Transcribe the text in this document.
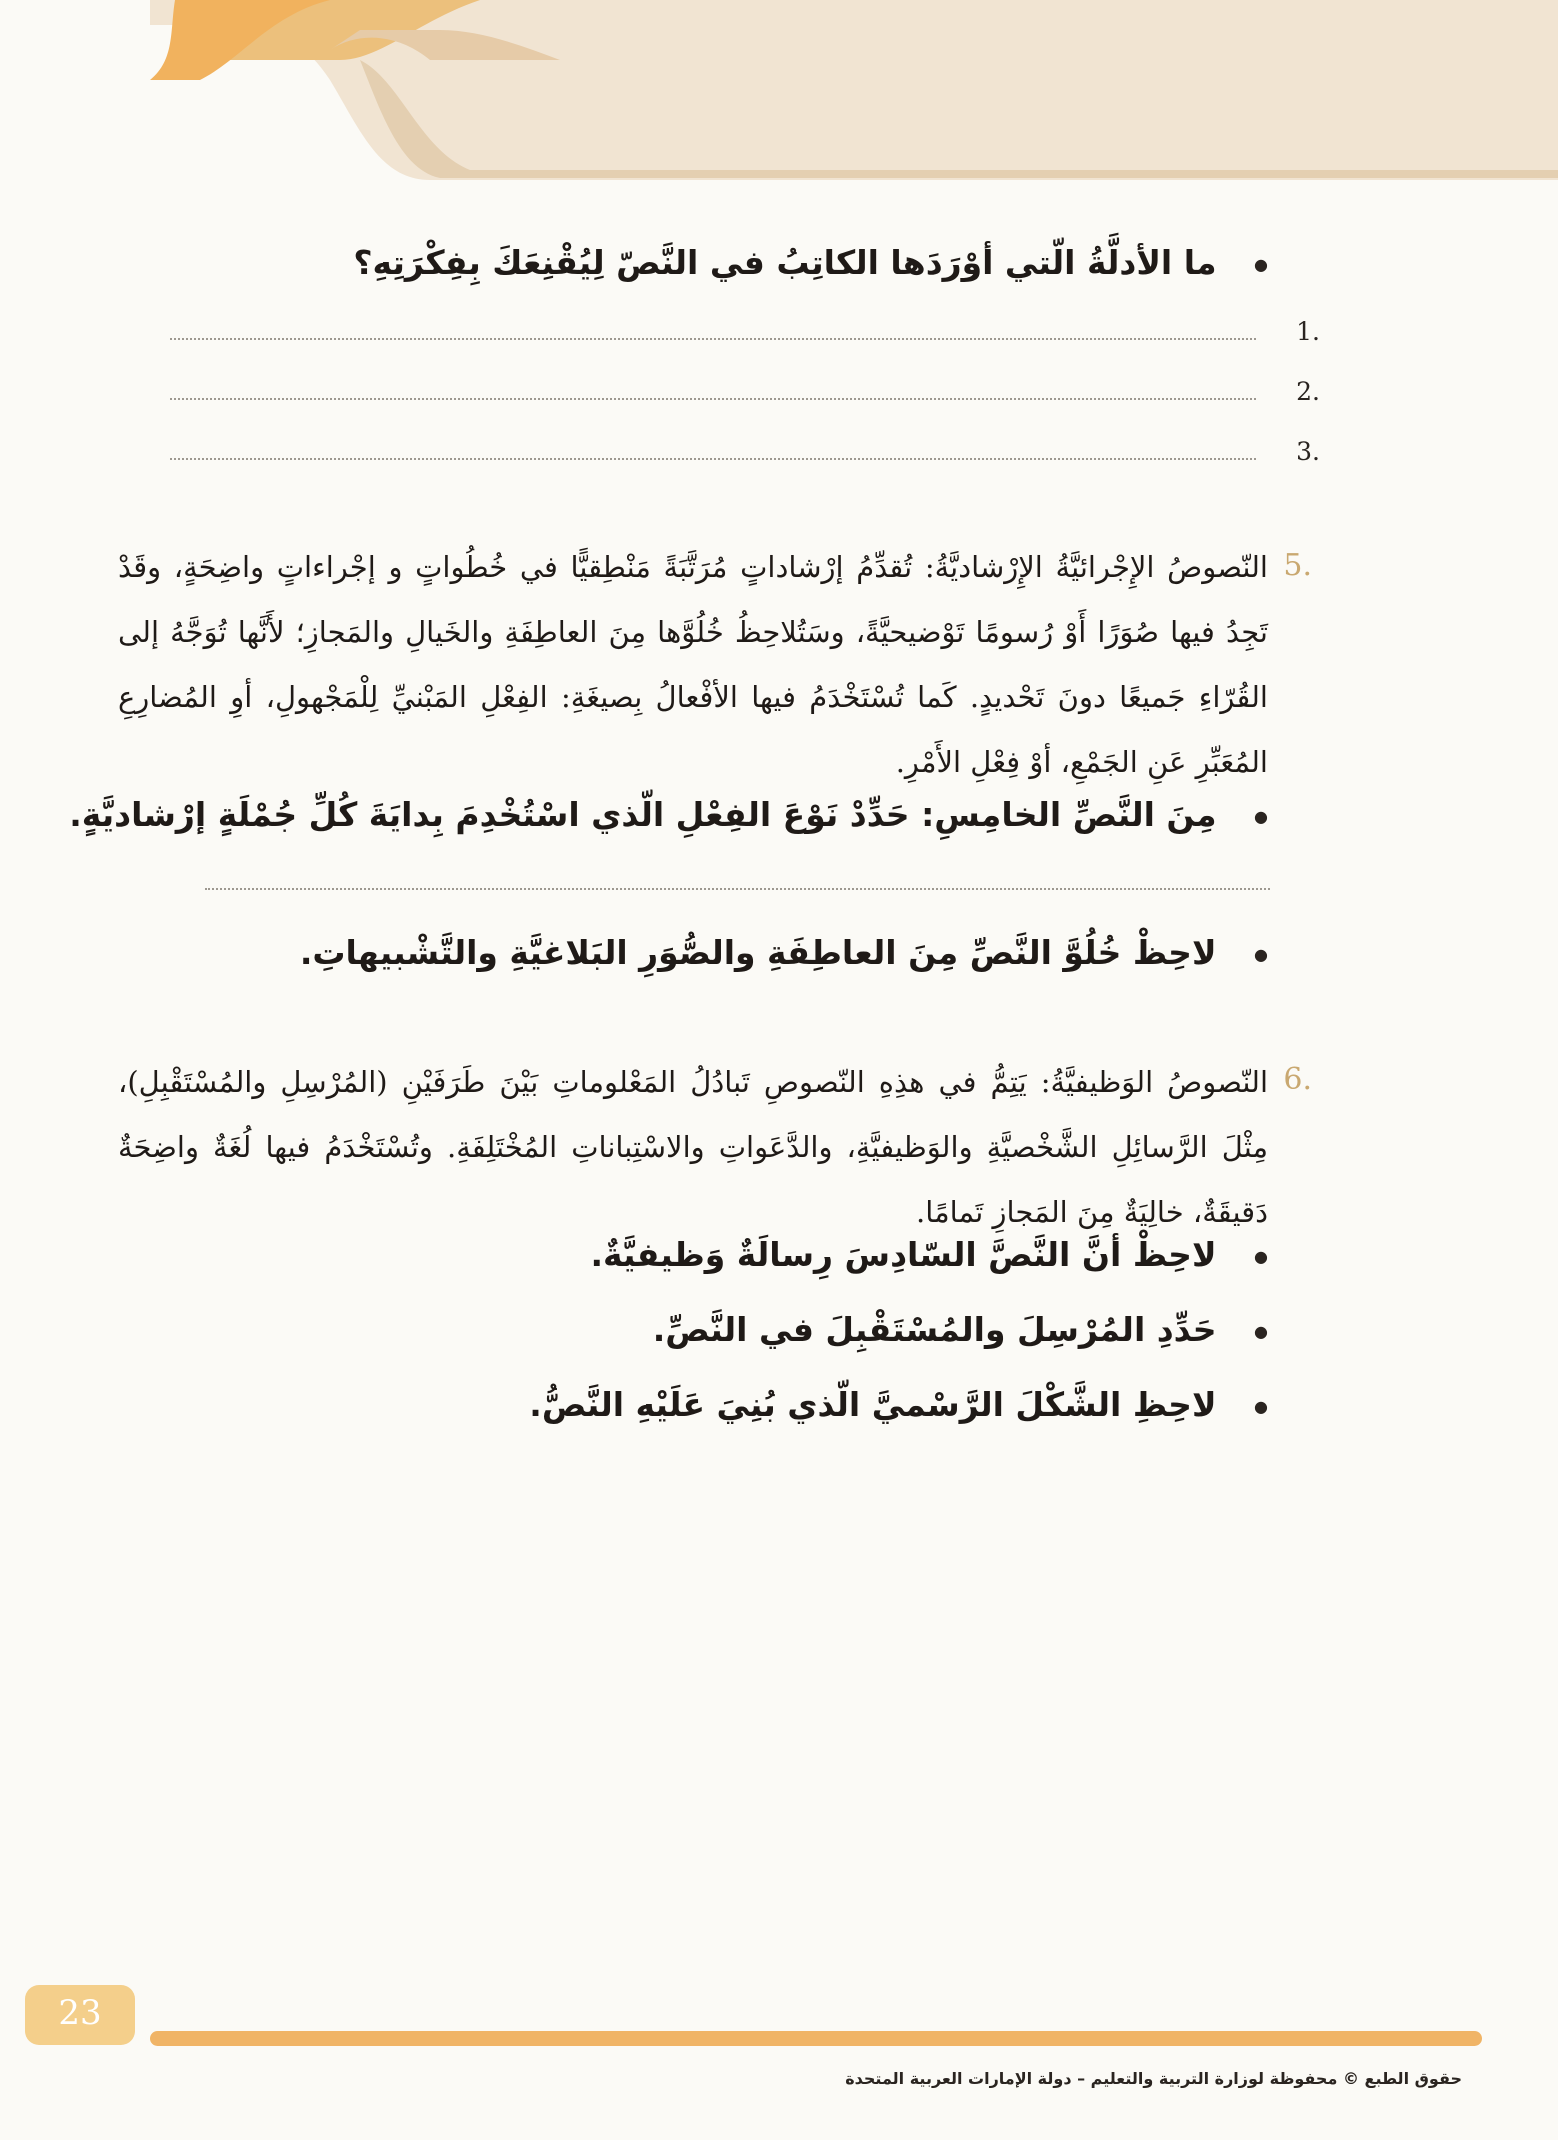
● ما الأدلَّةُ الّتي أوْرَدَها الكاتِبُ في النَّصّ لِيُقْنِعَكَ بِفِكْرَتِهِ؟
1.
2.
3.
5.
النّصوصُ الإِجْرائيَّةُ الإِرْشاديَّةُ: تُقدِّمُ إرْشاداتٍ مُرَتَّبَةً مَنْطِقيًّا في خُطُواتٍ و إجْراءاتٍ واضِحَةٍ، وقَدْ تَجِدُ فيها صُوَرًا أَوْ رُسومًا تَوْضيحيَّةً، وسَتُلاحِظُ خُلُوَّها مِنَ العاطِفَةِ والخَيالِ والمَجازِ؛ لأَنَّها تُوَجَّهُ إلى القُرّاءِ جَميعًا دونَ تَحْديدٍ. كَما تُسْتَخْدَمُ فيها الأفْعالُ بِصيغَةِ: الفِعْلِ المَبْنيِّ لِلْمَجْهولِ، أوِ المُضارِعِ المُعَبِّرِ عَنِ الجَمْعِ، أوْ فِعْلِ الأَمْرِ.
● مِنَ النَّصِّ الخامِسِ: حَدِّدْ نَوْعَ الفِعْلِ الّذي اسْتُخْدِمَ بِدايَةَ كُلِّ جُمْلَةٍ إرْشاديَّةٍ.
● لاحِظْ خُلُوَّ النَّصِّ مِنَ العاطِفَةِ والصُّوَرِ البَلاغيَّةِ والتَّشْبيهاتِ.
6.
النّصوصُ الوَظيفيَّةُ: يَتِمُّ في هذِهِ النّصوصِ تَبادُلُ المَعْلوماتِ بَيْنَ طَرَفَيْنِ (المُرْسِلِ والمُسْتَقْبِلِ)، مِثْلَ الرَّسائِلِ الشَّخْصيَّةِ والوَظيفيَّةِ، والدَّعَواتِ والاسْتِباناتِ المُخْتَلِفَةِ. وتُسْتَخْدَمُ فيها لُغَةٌ واضِحَةٌ دَقيقَةٌ، خالِيَةٌ مِنَ المَجازِ تَمامًا.
● لاحِظْ أنَّ النَّصَّ السّادِسَ رِسالَةٌ وَظيفيَّةٌ.
● حَدِّدِ المُرْسِلَ والمُسْتَقْبِلَ في النَّصِّ.
● لاحِظِ الشَّكْلَ الرَّسْميَّ الّذي بُنِيَ عَلَيْهِ النَّصُّ.
23
حقوق الطبع © محفوظة لوزارة التربية والتعليم – دولة الإمارات العربية المتحدة
